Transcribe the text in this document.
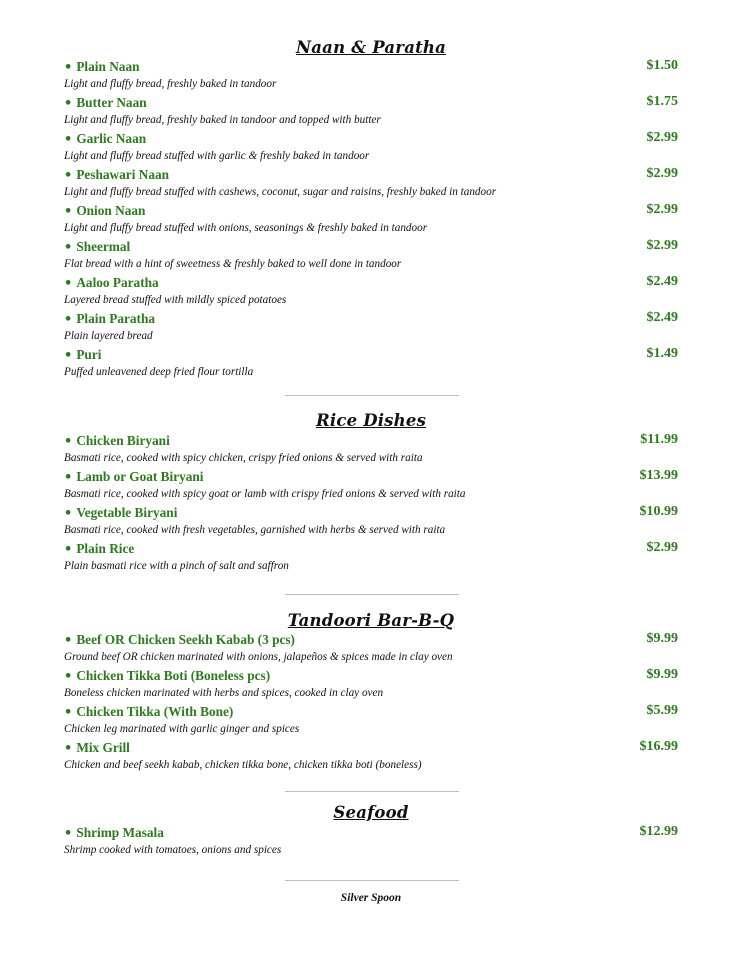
Naan & Paratha
• Plain Naan	$1.50
Light and fluffy bread, freshly baked in tandoor
• Butter Naan	$1.75
Light and fluffy bread, freshly baked in tandoor and topped with butter
• Garlic Naan	$2.99
Light and fluffy bread stuffed with garlic & freshly baked in tandoor
• Peshawari Naan	$2.99
Light and fluffy bread stuffed with cashews, coconut, sugar and raisins, freshly baked in tandoor
• Onion Naan	$2.99
Light and fluffy bread stuffed with onions, seasonings & freshly baked in tandoor
• Sheermal	$2.99
Flat bread with a hint of sweetness & freshly baked to well done in tandoor
• Aaloo Paratha	$2.49
Layered bread stuffed with mildly spiced potatoes
• Plain Paratha	$2.49
Plain layered bread
• Puri	$1.49
Puffed unleavened deep fried flour tortilla
Rice Dishes
• Chicken Biryani	$11.99
Basmati rice, cooked with spicy chicken, crispy fried onions & served with raita
• Lamb or Goat Biryani	$13.99
Basmati rice, cooked with spicy goat or lamb with crispy fried onions & served with raita
• Vegetable Biryani	$10.99
Basmati rice, cooked with fresh vegetables, garnished with herbs & served with raita
• Plain Rice	$2.99
Plain basmati rice with a pinch of salt and saffron
Tandoori Bar-B-Q
• Beef OR Chicken Seekh Kabab (3 pcs)	$9.99
Ground beef OR chicken marinated with onions, jalapeños & spices made in clay oven
• Chicken Tikka Boti (Boneless pcs)	$9.99
Boneless chicken marinated with herbs and spices, cooked in clay oven
• Chicken Tikka (With Bone)	$5.99
Chicken leg marinated with garlic ginger and spices
• Mix Grill	$16.99
Chicken and beef seekh kabab, chicken tikka bone, chicken tikka boti (boneless)
Seafood
• Shrimp Masala	$12.99
Shrimp cooked with tomatoes, onions and spices
Silver Spoon
